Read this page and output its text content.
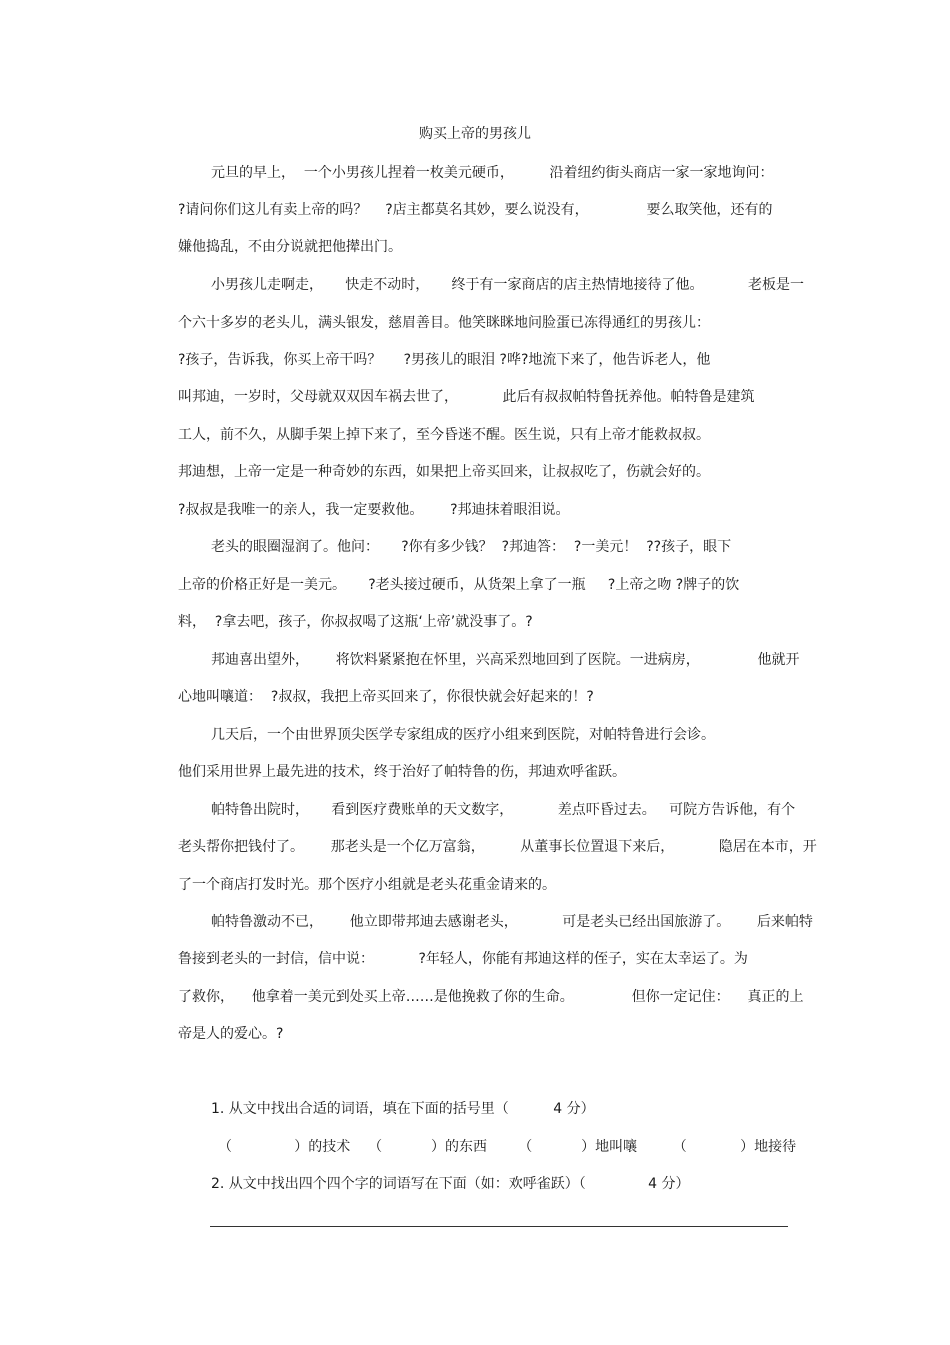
购买上帝的男孩儿
元旦的早上，  一个小男孩儿捏着一枚美元硬币，        沿着纽约街头商店一家一家地询问：
?请问你们这儿有卖上帝的吗？    ?店主都莫名其妙，要么说没有，             要么取笑他，还有的
嫌他捣乱，不由分说就把他撵出门。
小男孩儿走啊走，     快走不动时，     终于有一家商店的店主热情地接待了他。          老板是一
个六十多岁的老头儿，满头银发，慈眉善目。他笑眯眯地问脸蛋已冻得通红的男孩儿：
?孩子，告诉我，你买上帝干吗？     ?男孩儿的眼泪 ?哗?地流下来了，他告诉老人，他
叫邦迪，一岁时，父母就双双因车祸去世了，          此后有叔叔帕特鲁抚养他。帕特鲁是建筑
工人，前不久，从脚手架上掉下来了，至今昏迷不醒。医生说，只有上帝才能救叔叔。
邦迪想，上帝一定是一种奇妙的东西，如果把上帝买回来，让叔叔吃了，伤就会好的。
?叔叔是我唯一的亲人，我一定要救他。      ?邦迪抹着眼泪说。
老头的眼圈湿润了。他问：     ?你有多少钱？  ?邦迪答：  ?一美元！  ??孩子，眼下
上帝的价格正好是一美元。     ?老头接过硬币，从货架上拿了一瓶     ?上帝之吻 ?牌子的饮
料，  ?拿去吧，孩子，你叔叔喝了这瓶‘上帝’就没事了。?
邦迪喜出望外，      将饮料紧紧抱在怀里，兴高采烈地回到了医院。一进病房，             他就开
心地叫嚷道：  ?叔叔，我把上帝买回来了，你很快就会好起来的！?
几天后，一个由世界顶尖医学专家组成的医疗小组来到医院，对帕特鲁进行会诊。
他们采用世界上最先进的技术，终于治好了帕特鲁的伤，邦迪欢呼雀跃。
帕特鲁出院时，     看到医疗费账单的天文数字，          差点吓昏过去。   可院方告诉他，有个
老头帮你把钱付了。      那老头是一个亿万富翁，        从董事长位置退下来后，          隐居在本市，开
了一个商店打发时光。那个医疗小组就是老头花重金请来的。
帕特鲁激动不已，      他立即带邦迪去感谢老头，          可是老头已经出国旅游了。      后来帕特
鲁接到老头的一封信，信中说：          ?年轻人，你能有邦迪这样的侄子，实在太幸运了。为
了救你，    他拿着一美元到处买上帝……是他挽救了你的生命。             但你一定记住：    真正的上
帝是人的爱心。?
1. 从文中找出合适的词语，填在下面的括号里（          4 分）
（              ）的技术    （           ）的东西       （           ）地叫嚷        （            ）地接待
2. 从文中找出四个四个字的词语写在下面（如：欢呼雀跃）（              4 分）
